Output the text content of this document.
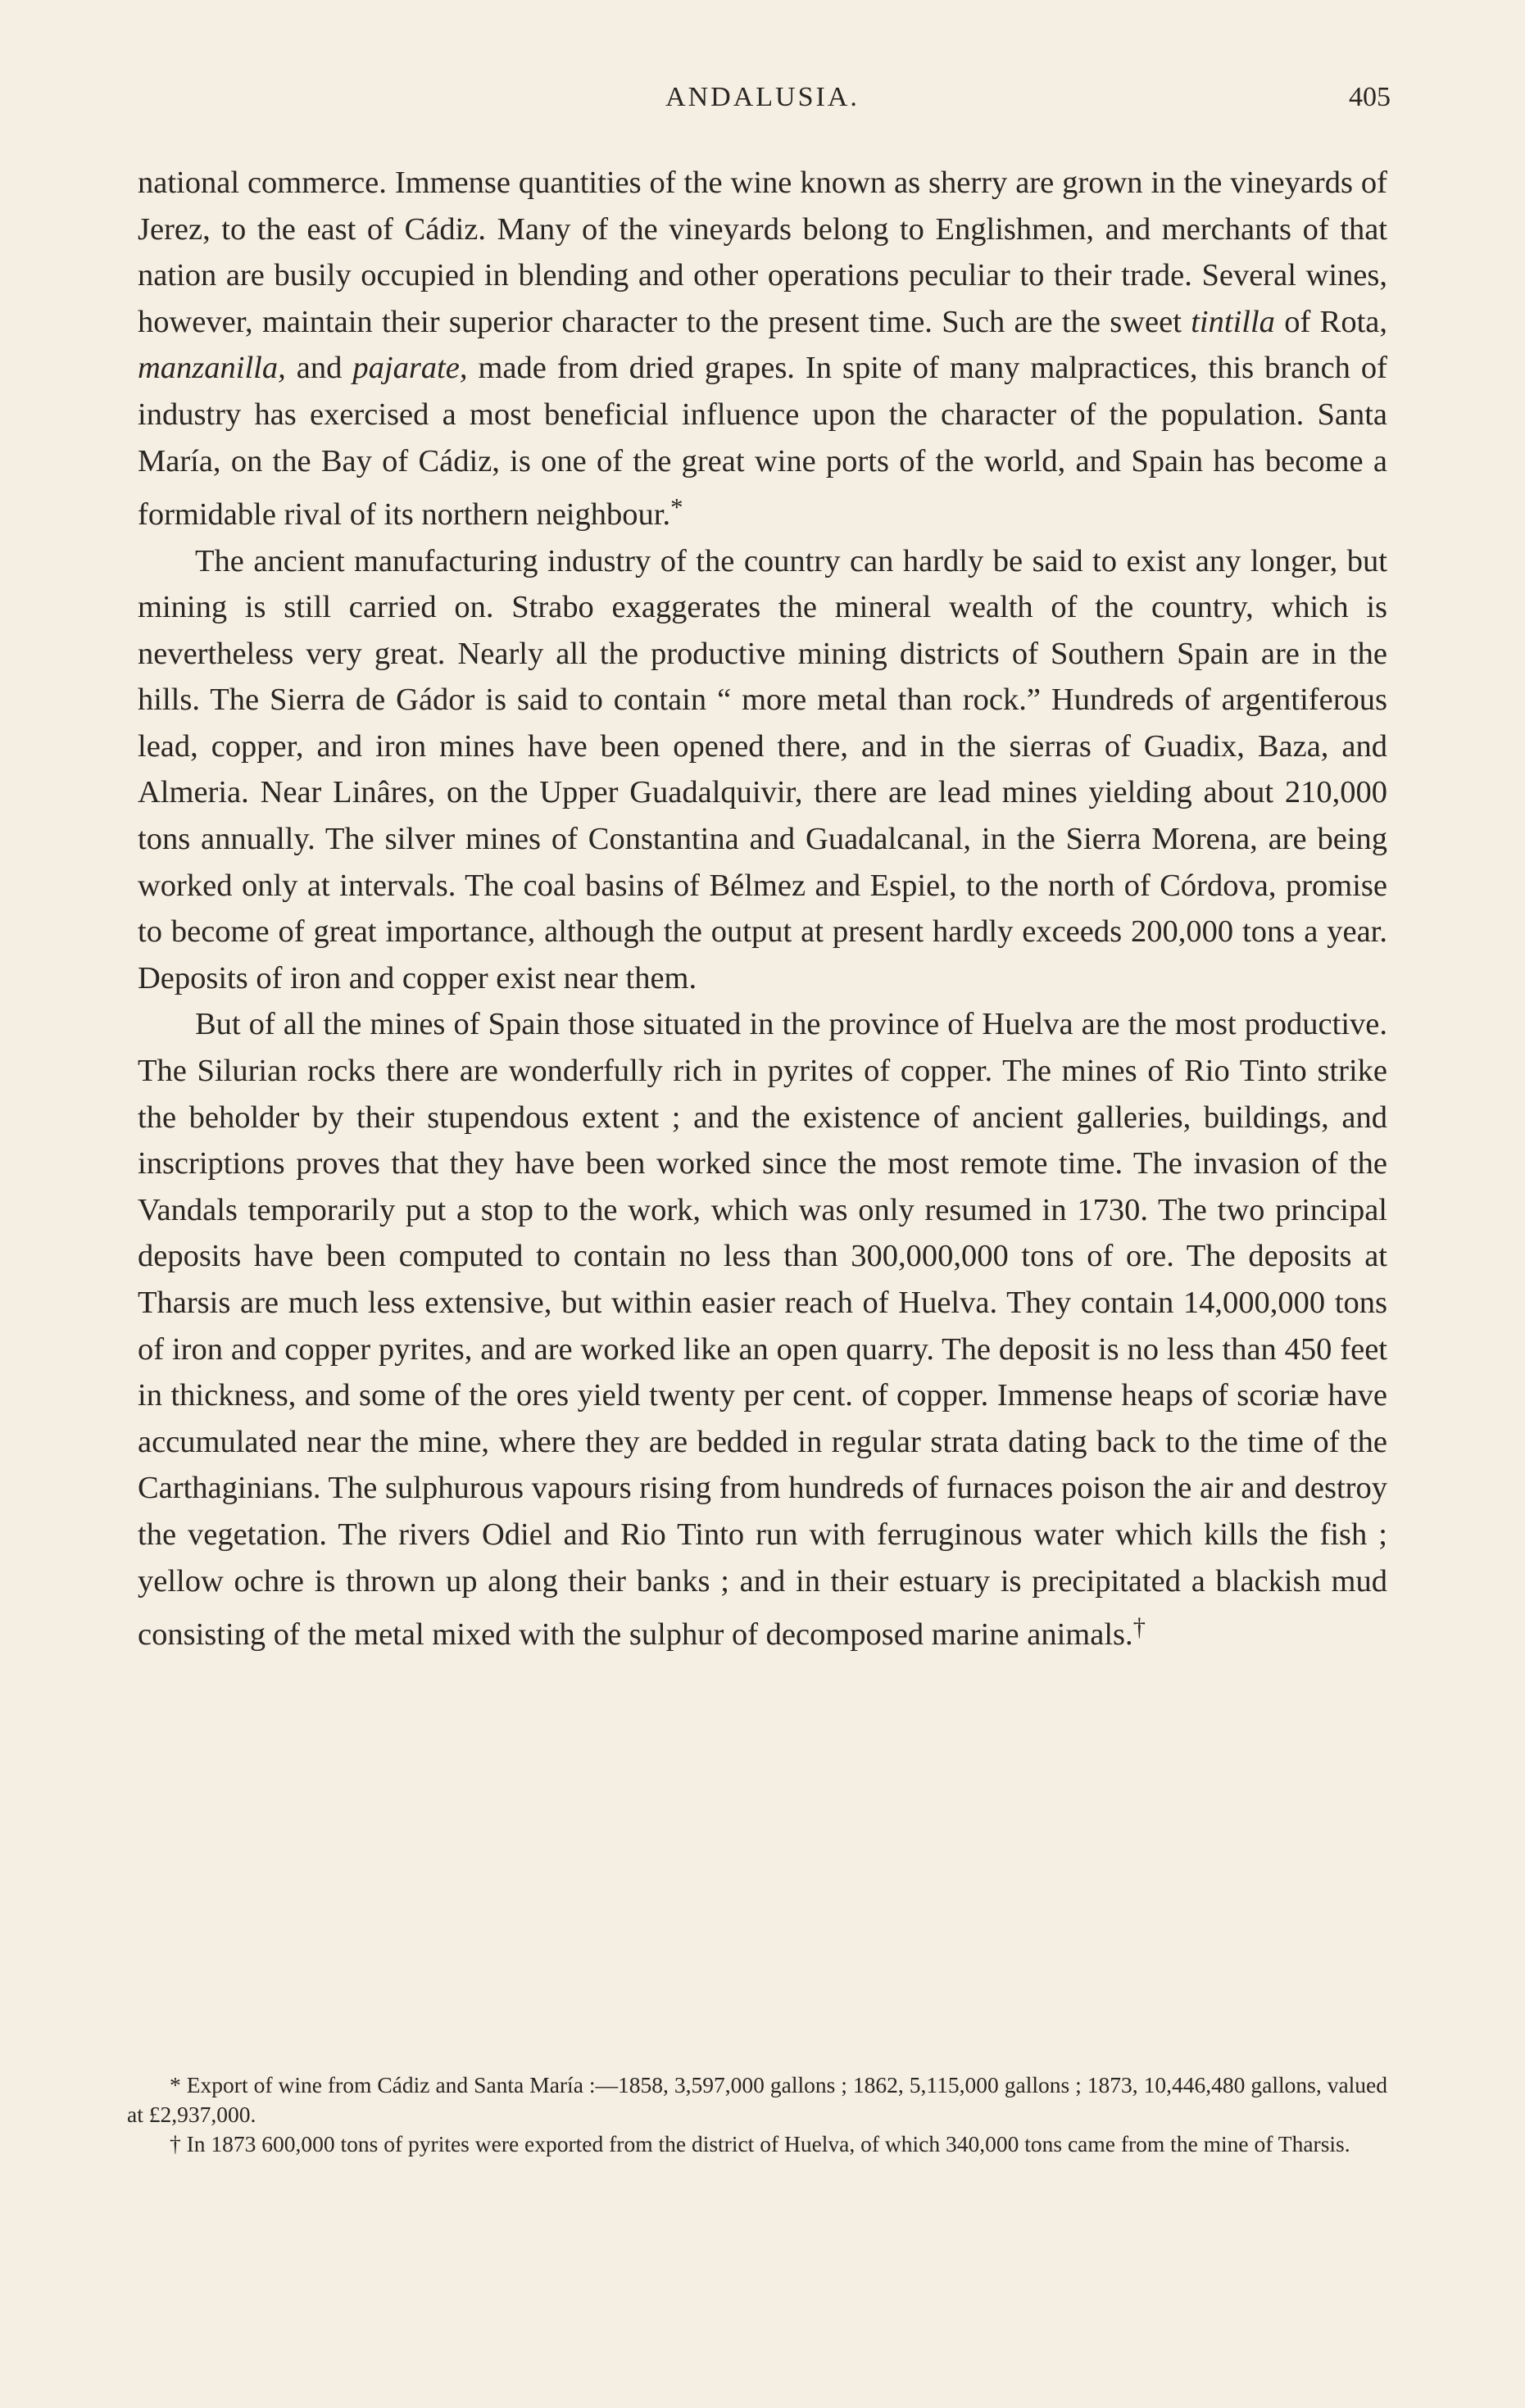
ANDALUSIA.	405

national commerce. Immense quantities of the wine known as sherry are grown in the vineyards of Jerez, to the east of Cádiz. Many of the vineyards belong to Englishmen, and merchants of that nation are busily occupied in blending and other operations peculiar to their trade. Several wines, however, maintain their superior character to the present time. Such are the sweet tintilla of Rota, manzanilla, and pajarate, made from dried grapes. In spite of many malpractices, this branch of industry has exercised a most beneficial influence upon the character of the population. Santa María, on the Bay of Cádiz, is one of the great wine ports of the world, and Spain has become a formidable rival of its northern neighbour.*

The ancient manufacturing industry of the country can hardly be said to exist any longer, but mining is still carried on. Strabo exaggerates the mineral wealth of the country, which is nevertheless very great. Nearly all the productive mining districts of Southern Spain are in the hills. The Sierra de Gádor is said to contain “ more metal than rock.” Hundreds of argentiferous lead, copper, and iron mines have been opened there, and in the sierras of Guadix, Baza, and Almeria. Near Linâres, on the Upper Guadalquivir, there are lead mines yielding about 210,000 tons annually. The silver mines of Constantina and Guadalcanal, in the Sierra Morena, are being worked only at intervals. The coal basins of Bélmez and Espiel, to the north of Córdova, promise to become of great importance, although the output at present hardly exceeds 200,000 tons a year. Deposits of iron and copper exist near them.

But of all the mines of Spain those situated in the province of Huelva are the most productive. The Silurian rocks there are wonderfully rich in pyrites of copper. The mines of Rio Tinto strike the beholder by their stupendous extent ; and the existence of ancient galleries, buildings, and inscriptions proves that they have been worked since the most remote time. The invasion of the Vandals temporarily put a stop to the work, which was only resumed in 1730. The two principal deposits have been computed to contain no less than 300,000,000 tons of ore. The deposits at Tharsis are much less extensive, but within easier reach of Huelva. They contain 14,000,000 tons of iron and copper pyrites, and are worked like an open quarry. The deposit is no less than 450 feet in thickness, and some of the ores yield twenty per cent. of copper. Immense heaps of scoriæ have accumulated near the mine, where they are bedded in regular strata dating back to the time of the Carthaginians. The sulphurous vapours rising from hundreds of furnaces poison the air and destroy the vegetation. The rivers Odiel and Rio Tinto run with ferruginous water which kills the fish ; yellow ochre is thrown up along their banks ; and in their estuary is precipitated a blackish mud consisting of the metal mixed with the sulphur of decomposed marine animals.†

* Export of wine from Cádiz and Santa María :—1858, 3,597,000 gallons ; 1862, 5,115,000 gallons ; 1873, 10,446,480 gallons, valued at £2,937,000.

† In 1873 600,000 tons of pyrites were exported from the district of Huelva, of which 340,000 tons came from the mine of Tharsis.
